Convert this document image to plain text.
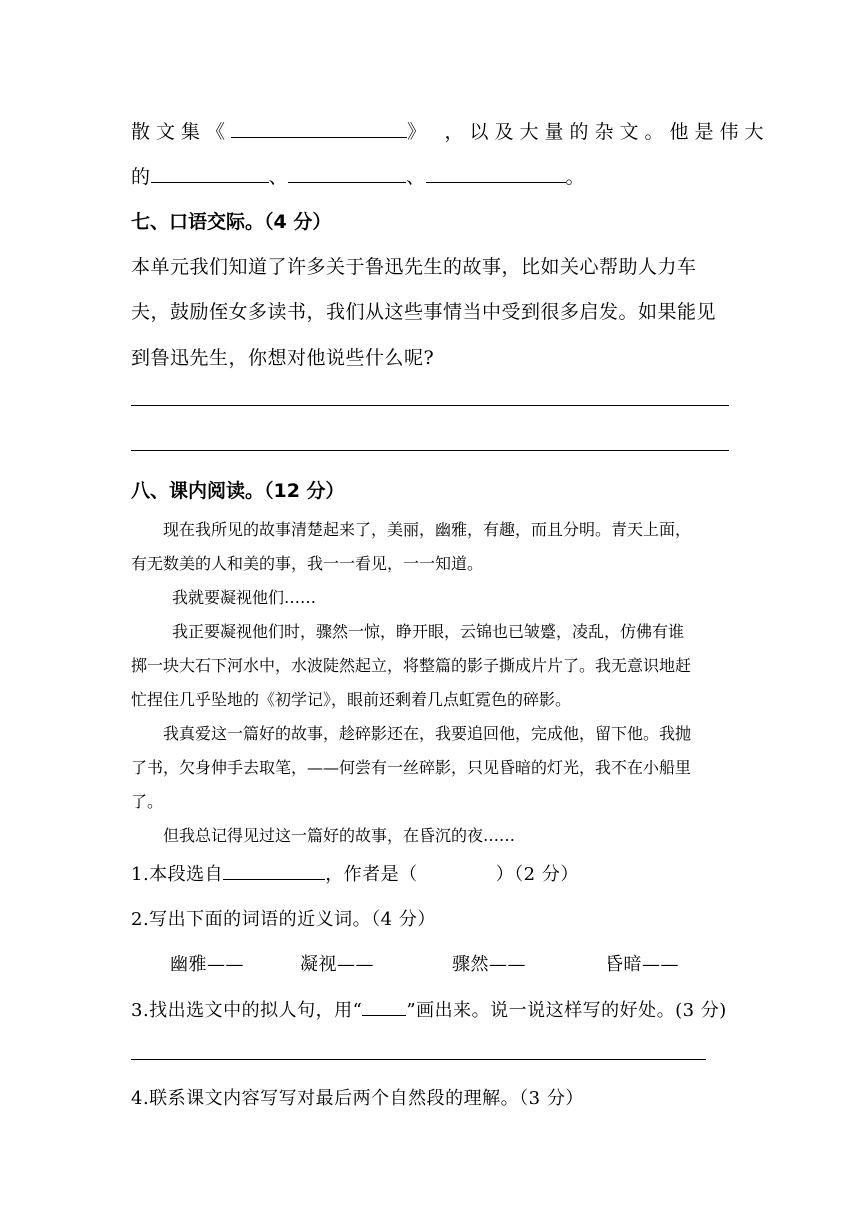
散文集《	》 ，以及大量的杂文。他是伟大
的	、	、	。
七、口语交际。（4 分）
本单元我们知道了许多关于鲁迅先生的故事，比如关心帮助人力车
夫，鼓励侄女多读书，我们从这些事情当中受到很多启发。如果能见
到鲁迅先生，你想对他说些什么呢?
八、课内阅读。（12 分）
现在我所见的故事清楚起来了，美丽，幽雅，有趣，而且分明。青天上面，
有无数美的人和美的事，我一一看见，一一知道。
我就要凝视他们……
我正要凝视他们时，骤然一惊，睁开眼，云锦也已皱蹙，凌乱，仿佛有谁
掷一块大石下河水中，水波陡然起立，将整篇的影子撕成片片了。我无意识地赶
忙捏住几乎坠地的《初学记》，眼前还剩着几点虹霓色的碎影。
我真爱这一篇好的故事，趁碎影还在，我要追回他，完成他，留下他。我抛
了书，欠身伸手去取笔，——何尝有一丝碎影，只见昏暗的灯光，我不在小船里
了。
但我总记得见过这一篇好的故事，在昏沉的夜……
1.本段选自	，作者是（	）（2 分）
2.写出下面的词语的近义词。（4 分）
幽雅——	凝视——	骤然——	昏暗——
3.找出选文中的拟人句，用“ ”画出来。说一说这样写的好处。(3 分)
4.联系课文内容写写对最后两个自然段的理解。（3 分）
